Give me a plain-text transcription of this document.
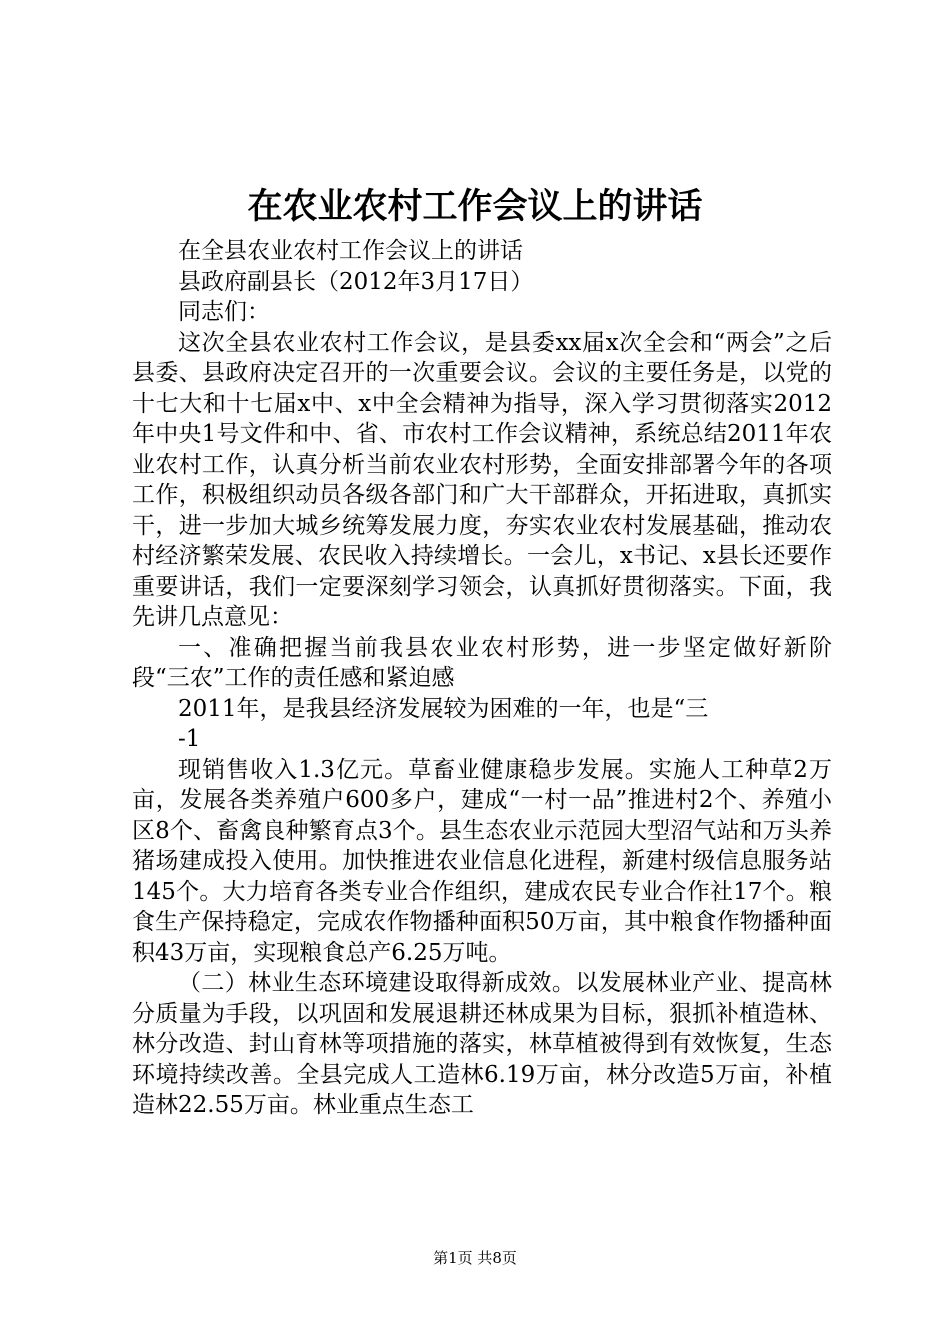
在农业农村工作会议上的讲话

在全县农业农村工作会议上的讲话

县政府副县长（2012年3月17日）

同志们：

这次全县农业农村工作会议，是县委xx届x次全会和“两会”之后县委、县政府决定召开的一次重要会议。会议的主要任务是，以党的十七大和十七届x中、x中全会精神为指导，深入学习贯彻落实2012年中央1号文件和中、省、市农村工作会议精神，系统总结2011年农业农村工作，认真分析当前农业农村形势，全面安排部署今年的各项工作，积极组织动员各级各部门和广大干部群众，开拓进取，真抓实干，进一步加大城乡统筹发展力度，夯实农业农村发展基础，推动农村经济繁荣发展、农民收入持续增长。一会儿，x书记、x县长还要作重要讲话，我们一定要深刻学习领会，认真抓好贯彻落实。下面，我先讲几点意见：

一、准确把握当前我县农业农村形势，进一步坚定做好新阶段“三农”工作的责任感和紧迫感

2011年，是我县经济发展较为困难的一年，也是“三

-1

现销售收入1.3亿元。草畜业健康稳步发展。实施人工种草2万亩，发展各类养殖户600多户，建成“一村一品”推进村2个、养殖小区8个、畜禽良种繁育点3个。县生态农业示范园大型沼气站和万头养猪场建成投入使用。加快推进农业信息化进程，新建村级信息服务站145个。大力培育各类专业合作组织，建成农民专业合作社17个。粮食生产保持稳定，完成农作物播种面积50万亩，其中粮食作物播种面积43万亩，实现粮食总产6.25万吨。

（二）林业生态环境建设取得新成效。以发展林业产业、提高林分质量为手段，以巩固和发展退耕还林成果为目标，狠抓补植造林、林分改造、封山育林等项措施的落实，林草植被得到有效恢复，生态环境持续改善。全县完成人工造林6.19万亩，林分改造5万亩，补植造林22.55万亩。林业重点生态工

第1页 共8页
